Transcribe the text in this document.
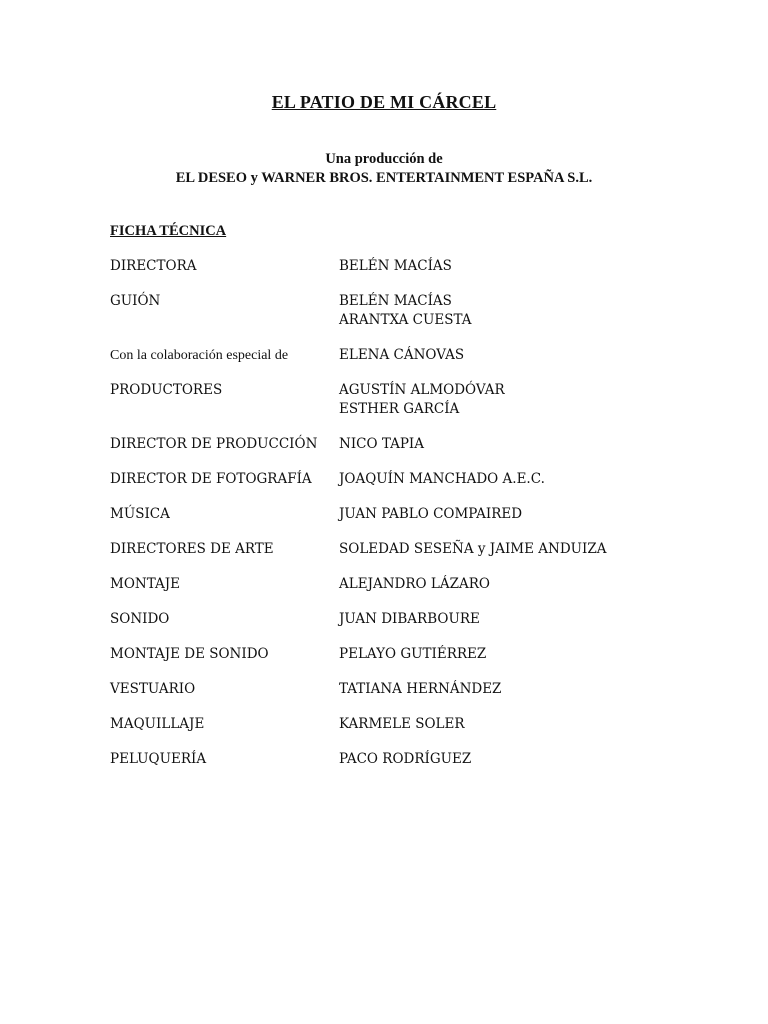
EL PATIO DE MI CÁRCEL
Una producción de
EL DESEO y WARNER BROS. ENTERTAINMENT ESPAÑA S.L.
FICHA TÉCNICA
DIRECTORA	BELÉN MACÍAS
GUIÓN	BELÉN MACÍAS
ARANTXA CUESTA
Con la colaboración especial de	ELENA CÁNOVAS
PRODUCTORES	AGUSTÍN ALMODÓVAR
ESTHER GARCÍA
DIRECTOR DE PRODUCCIÓN	NICO TAPIA
DIRECTOR DE FOTOGRAFÍA	JOAQUÍN MANCHADO A.E.C.
MÚSICA	JUAN PABLO COMPAIRED
DIRECTORES DE ARTE	SOLEDAD SESEÑA y JAIME ANDUIZA
MONTAJE	ALEJANDRO LÁZARO
SONIDO	JUAN DIBARBOURE
MONTAJE DE SONIDO	PELAYO GUTIÉRREZ
VESTUARIO	TATIANA HERNÁNDEZ
MAQUILLAJE	KARMELE SOLER
PELUQUERÍA	PACO RODRÍGUEZ
